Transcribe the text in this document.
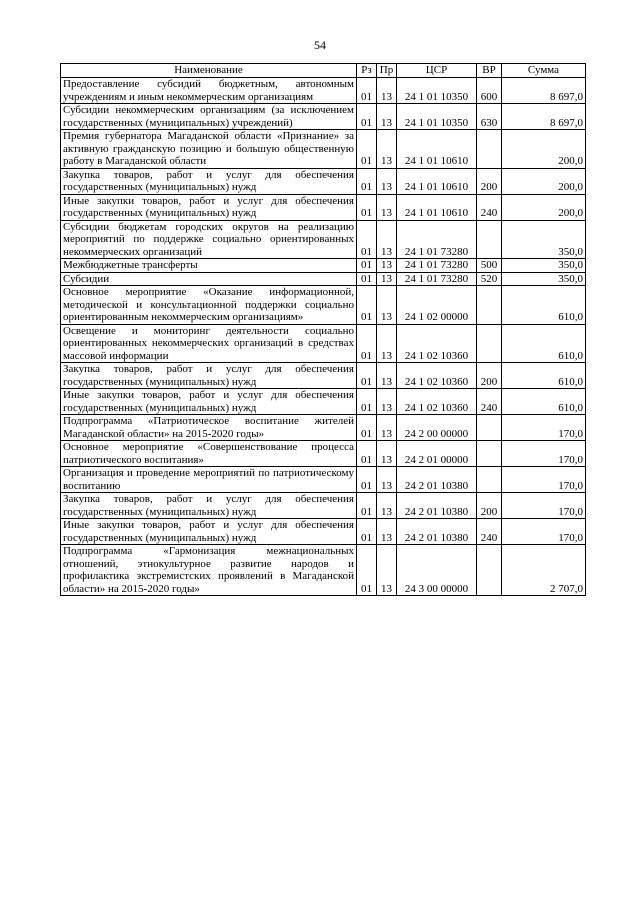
54
Наименование	Рз	Пр	ЦСР	ВР	Сумма
Предоставление субсидий бюджетным, автономным учреждениям и иным некоммерческим организациям	01	13	24 1 01 10350	600	8 697,0
Субсидии некоммерческим организациям (за исключением государственных (муниципальных) учреждений)	01	13	24 1 01 10350	630	8 697,0
Премия губернатора Магаданской области «Признание» за активную гражданскую позицию и большую общественную работу в Магаданской области	01	13	24 1 01 10610		200,0
Закупка товаров, работ и услуг для обеспечения государственных (муниципальных) нужд	01	13	24 1 01 10610	200	200,0
Иные закупки товаров, работ и услуг для обеспечения государственных (муниципальных) нужд	01	13	24 1 01 10610	240	200,0
Субсидии бюджетам городских округов на реализацию мероприятий по поддержке социально ориентированных некоммерческих организаций	01	13	24 1 01 73280		350,0
Межбюджетные трансферты	01	13	24 1 01 73280	500	350,0
Субсидии	01	13	24 1 01 73280	520	350,0
Основное мероприятие «Оказание информационной, методической и консультационной поддержки социально ориентированным некоммерческим организациям»	01	13	24 1 02 00000		610,0
Освещение и мониторинг деятельности социально ориентированных некоммерческих организаций в средствах массовой информации	01	13	24 1 02 10360		610,0
Закупка товаров, работ и услуг для обеспечения государственных (муниципальных) нужд	01	13	24 1 02 10360	200	610,0
Иные закупки товаров, работ и услуг для обеспечения государственных (муниципальных) нужд	01	13	24 1 02 10360	240	610,0
Подпрограмма «Патриотическое воспитание жителей Магаданской области» на 2015-2020 годы»	01	13	24 2 00 00000		170,0
Основное мероприятие «Совершенствование процесса патриотического воспитания»	01	13	24 2 01 00000		170,0
Организация и проведение мероприятий по патриотическому воспитанию	01	13	24 2 01 10380		170,0
Закупка товаров, работ и услуг для обеспечения государственных (муниципальных) нужд	01	13	24 2 01 10380	200	170,0
Иные закупки товаров, работ и услуг для обеспечения государственных (муниципальных) нужд	01	13	24 2 01 10380	240	170,0
Подпрограмма «Гармонизация межнациональных отношений, этнокультурное развитие народов и профилактика экстремистских проявлений в Магаданской области» на 2015-2020 годы»	01	13	24 3 00 00000		2 707,0
